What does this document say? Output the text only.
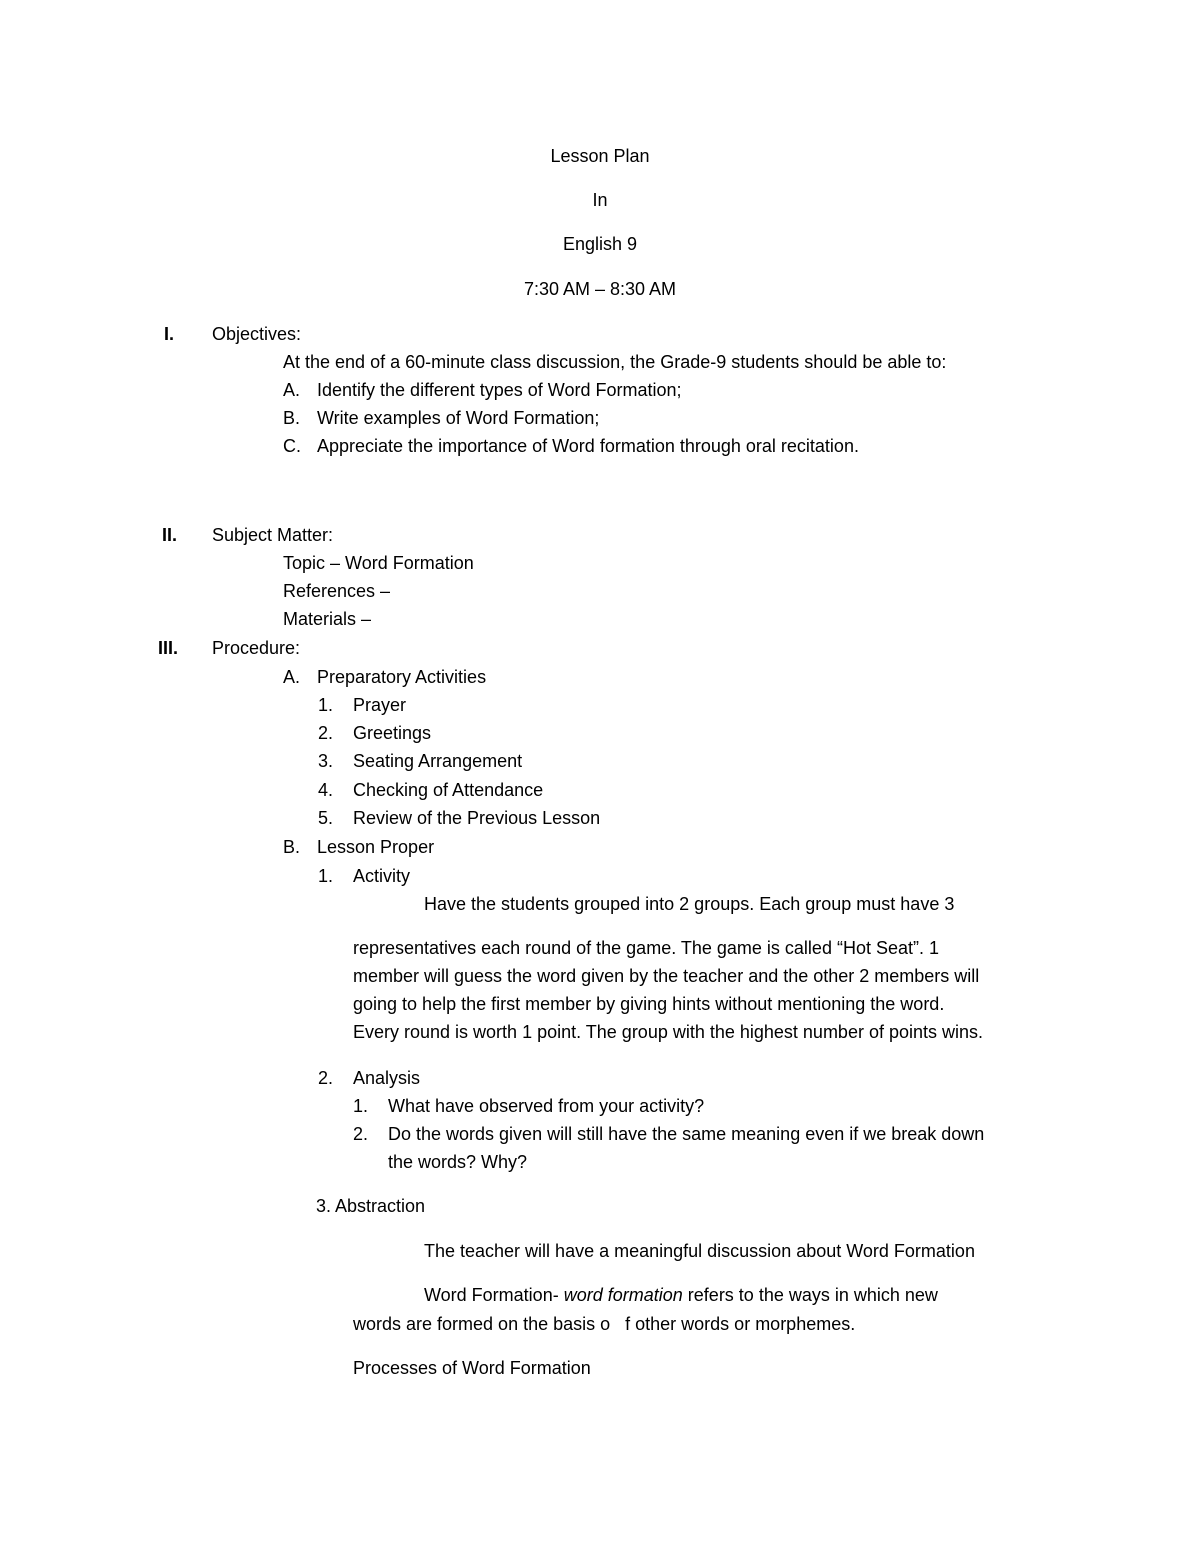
Lesson Plan
In
English 9
7:30 AM – 8:30 AM
I. Objectives:
At the end of a 60-minute class discussion, the Grade-9 students should be able to:
A. Identify the different types of Word Formation;
B. Write examples of Word Formation;
C. Appreciate the importance of Word formation through oral recitation.
II. Subject Matter:
Topic – Word Formation
References –
Materials –
III. Procedure:
A. Preparatory Activities
1. Prayer
2. Greetings
3. Seating Arrangement
4. Checking of Attendance
5. Review of the Previous Lesson
B. Lesson Proper
1. Activity
Have the students grouped into 2 groups. Each group must have 3
representatives each round of the game. The game is called “Hot Seat”. 1
member will guess the word given by the teacher and the other 2 members will
going to help the first member by giving hints without mentioning the word.
Every round is worth 1 point. The group with the highest number of points wins.
2. Analysis
1. What have observed from your activity?
2. Do the words given will still have the same meaning even if we break down
the words? Why?
3. Abstraction
The teacher will have a meaningful discussion about Word Formation
Word Formation- word formation refers to the ways in which new
words are formed on the basis o   f other words or morphemes.
Processes of Word Formation
